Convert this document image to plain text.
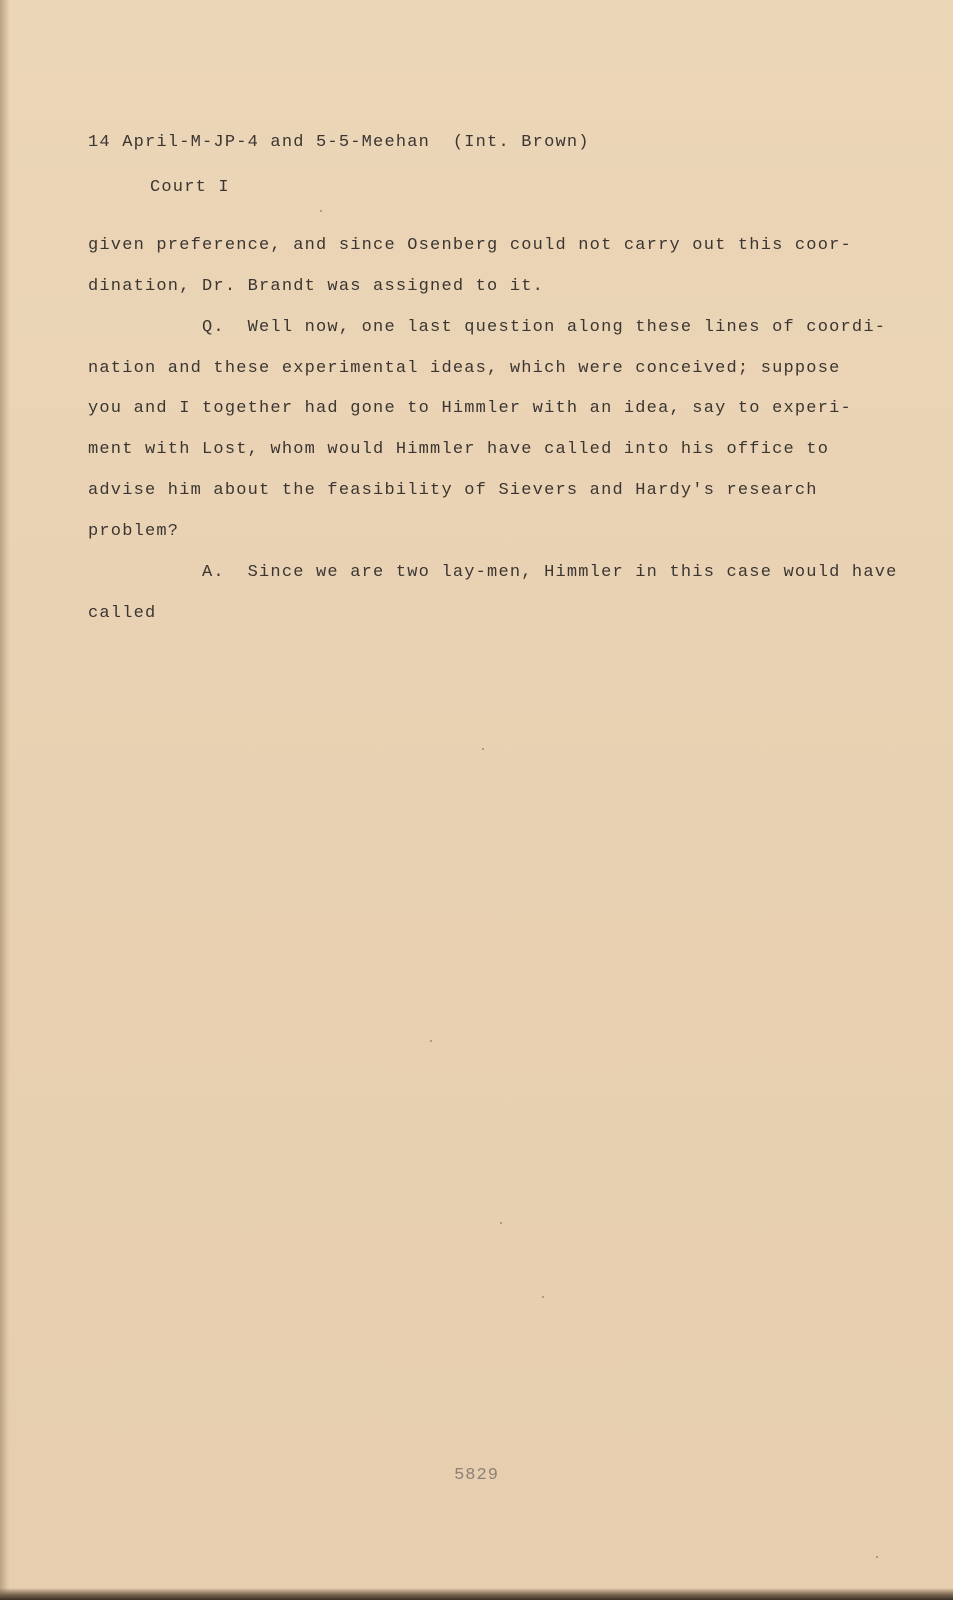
14 April-M-JP-4 and 5-5-Meehan  (Int. Brown)
Court I
given preference, and since Osenberg could not carry out this coor-
dination, Dr. Brandt was assigned to it.
Q.  Well now, one last question along these lines of coordi-
nation and these experimental ideas, which were conceived; suppose
you and I together had gone to Himmler with an idea, say to experi-
ment with Lost, whom would Himmler have called into his office to
advise him about the feasibility of Sievers and Hardy's research
problem?
A.  Since we are two lay-men, Himmler in this case would have
called
5829
